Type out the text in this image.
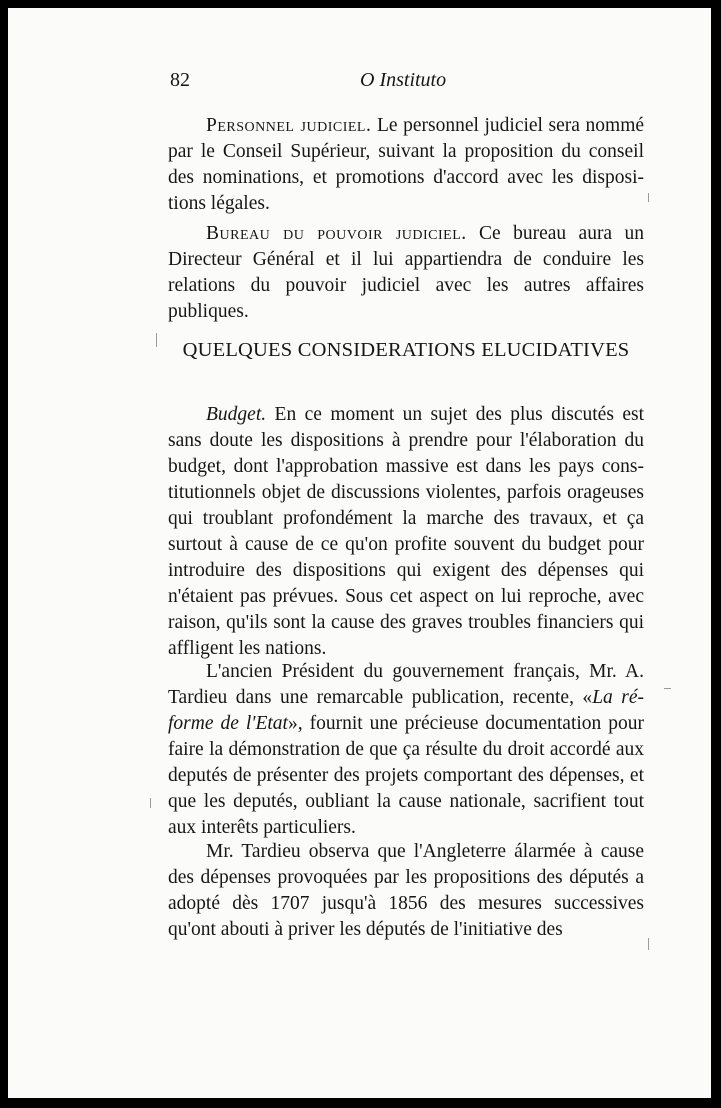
82	O Instituto

Personnel judiciel. Le personnel judiciel sera nommé par le Conseil Supérieur, suivant la proposition du conseil des nominations, et promotions d'accord avec les dispositions légales.

Bureau du pouvoir judiciel. Ce bureau aura un Directeur Général et il lui appartiendra de conduire les relations du pouvoir judiciel avec les autres affaires publiques.

QUELQUES CONSIDERATIONS ELUCIDATIVES

Budget. En ce moment un sujet des plus discutés est sans doute les dispositions à prendre pour l'élaboration du budget, dont l'approbation massive est dans les pays constitutionnels objet de discussions violentes, parfois orageuses qui troublant profondément la marche des travaux, et ça surtout à cause de ce qu'on profite souvent du budget pour introduire des dispositions qui exigent des dépenses qui n'étaient pas prévues. Sous cet aspect on lui reproche, avec raison, qu'ils sont la cause des graves troubles financiers qui affligent les nations.

L'ancien Président du gouvernement français, Mr. A. Tardieu dans une remarcable publication, recente, «La réforme de l'Etat», fournit une précieuse documentation pour faire la démonstration de que ça résulte du droit accordé aux deputés de présenter des projets comportant des dépenses, et que les deputés, oubliant la cause nationale, sacrifient tout aux interêts particuliers.

Mr. Tardieu observa que l'Angleterre álarmée à cause des dépenses provoquées par les propositions des députés a adopté dès 1707 jusqu'à 1856 des mesures successives qu'ont abouti à priver les députés de l'initiative des
